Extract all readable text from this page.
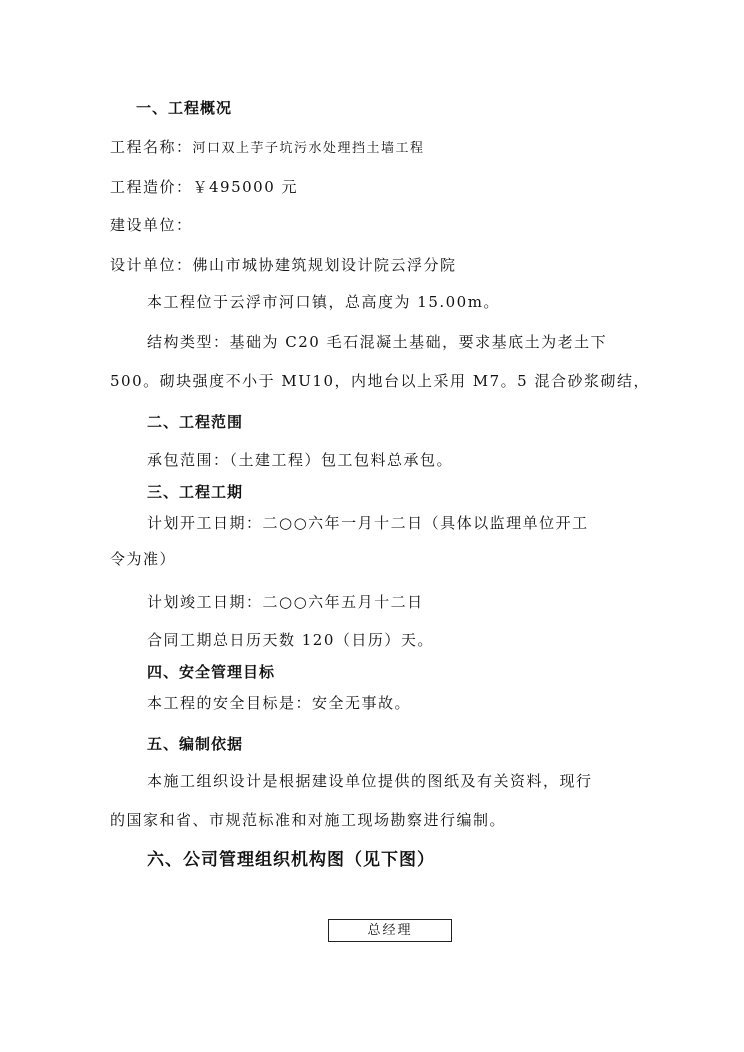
一、工程概况
工程名称：河口双上芋子坑污水处理挡土墙工程
工程造价：￥495000 元
建设单位：
设计单位：佛山市城协建筑规划设计院云浮分院
本工程位于云浮市河口镇，总高度为 15.00m。
结构类型：基础为 C20 毛石混凝土基础，要求基底土为老土下
500。砌块强度不小于 MU10，内地台以上采用 M7。5 混合砂浆砌结，
二、工程范围
承包范围：（土建工程）包工包料总承包。
三、工程工期
计划开工日期：二○○六年一月十二日（具体以监理单位开工
令为准）
计划竣工日期：二○○六年五月十二日
合同工期总日历天数 120（日历）天。
四、安全管理目标
本工程的安全目标是：安全无事故。
五、编制依据
本施工组织设计是根据建设单位提供的图纸及有关资料，现行
的国家和省、市规范标准和对施工现场勘察进行编制。
六、公司管理组织机构图（见下图）
总经理
